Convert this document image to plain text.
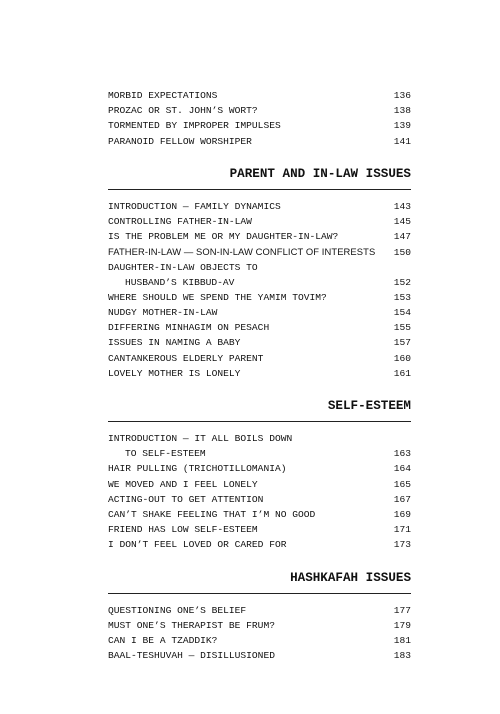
MORBID EXPECTATIONS	136
PROZAC OR ST. JOHN’S WORT?	138
TORMENTED BY IMPROPER IMPULSES	139
PARANOID FELLOW WORSHIPER	141
PARENT AND IN-LAW ISSUES
INTRODUCTION — FAMILY DYNAMICS	143
CONTROLLING FATHER-IN-LAW	145
IS THE PROBLEM ME OR MY DAUGHTER-IN-LAW?	147
FATHER-IN-LAW — SON-IN-LAW CONFLICT OF INTERESTS	150
DAUGHTER-IN-LAW OBJECTS TO
HUSBAND’S KIBBUD-AV	152
WHERE SHOULD WE SPEND THE YAMIM TOVIM?	153
NUDGY MOTHER-IN-LAW	154
DIFFERING MINHAGIM ON PESACH	155
ISSUES IN NAMING A BABY	157
CANTANKEROUS ELDERLY PARENT	160
LOVELY MOTHER IS LONELY	161
SELF-ESTEEM
INTRODUCTION — IT ALL BOILS DOWN
TO SELF-ESTEEM	163
HAIR PULLING (TRICHOTILLOMANIA)	164
WE MOVED AND I FEEL LONELY	165
ACTING-OUT TO GET ATTENTION	167
CAN’T SHAKE FEELING THAT I’M NO GOOD	169
FRIEND HAS LOW SELF-ESTEEM	171
I DON’T FEEL LOVED OR CARED FOR	173
HASHKAFAH ISSUES
QUESTIONING ONE’S BELIEF	177
MUST ONE’S THERAPIST BE FRUM?	179
CAN I BE A TZADDIK?	181
BAAL-TESHUVAH — DISILLUSIONED	183
